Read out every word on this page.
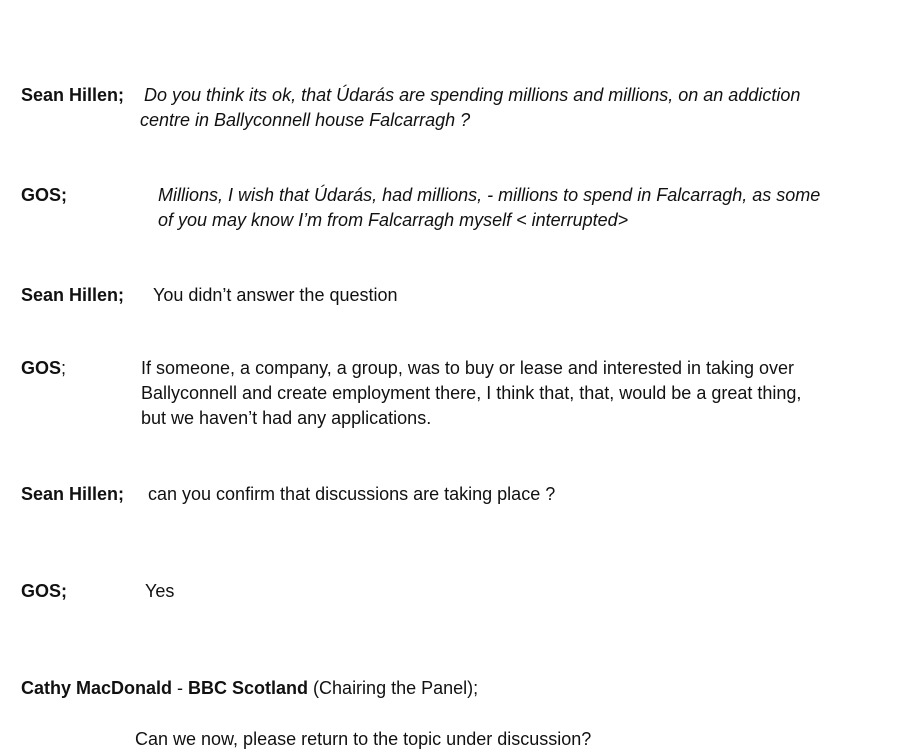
Sean Hillen; Do you think its ok, that Údarás are spending millions and millions, on an addiction
centre in Ballyconnell house Falcarragh ?
GOS;	Millions, I wish that Údarás, had millions, - millions to spend in Falcarragh, as some
of you may know I’m from Falcarragh myself < interrupted>
Sean Hillen; You didn’t answer the question
GOS;	If someone, a company, a group, was to buy or lease and interested in taking over
Ballyconnell and create employment there, I think that, that, would be a great thing,
but we haven’t had any applications.
Sean Hillen; can you confirm that discussions are taking place ?
GOS;	Yes
Cathy MacDonald - BBC Scotland (Chairing the Panel);
Can we now, please return to the topic under discussion?
